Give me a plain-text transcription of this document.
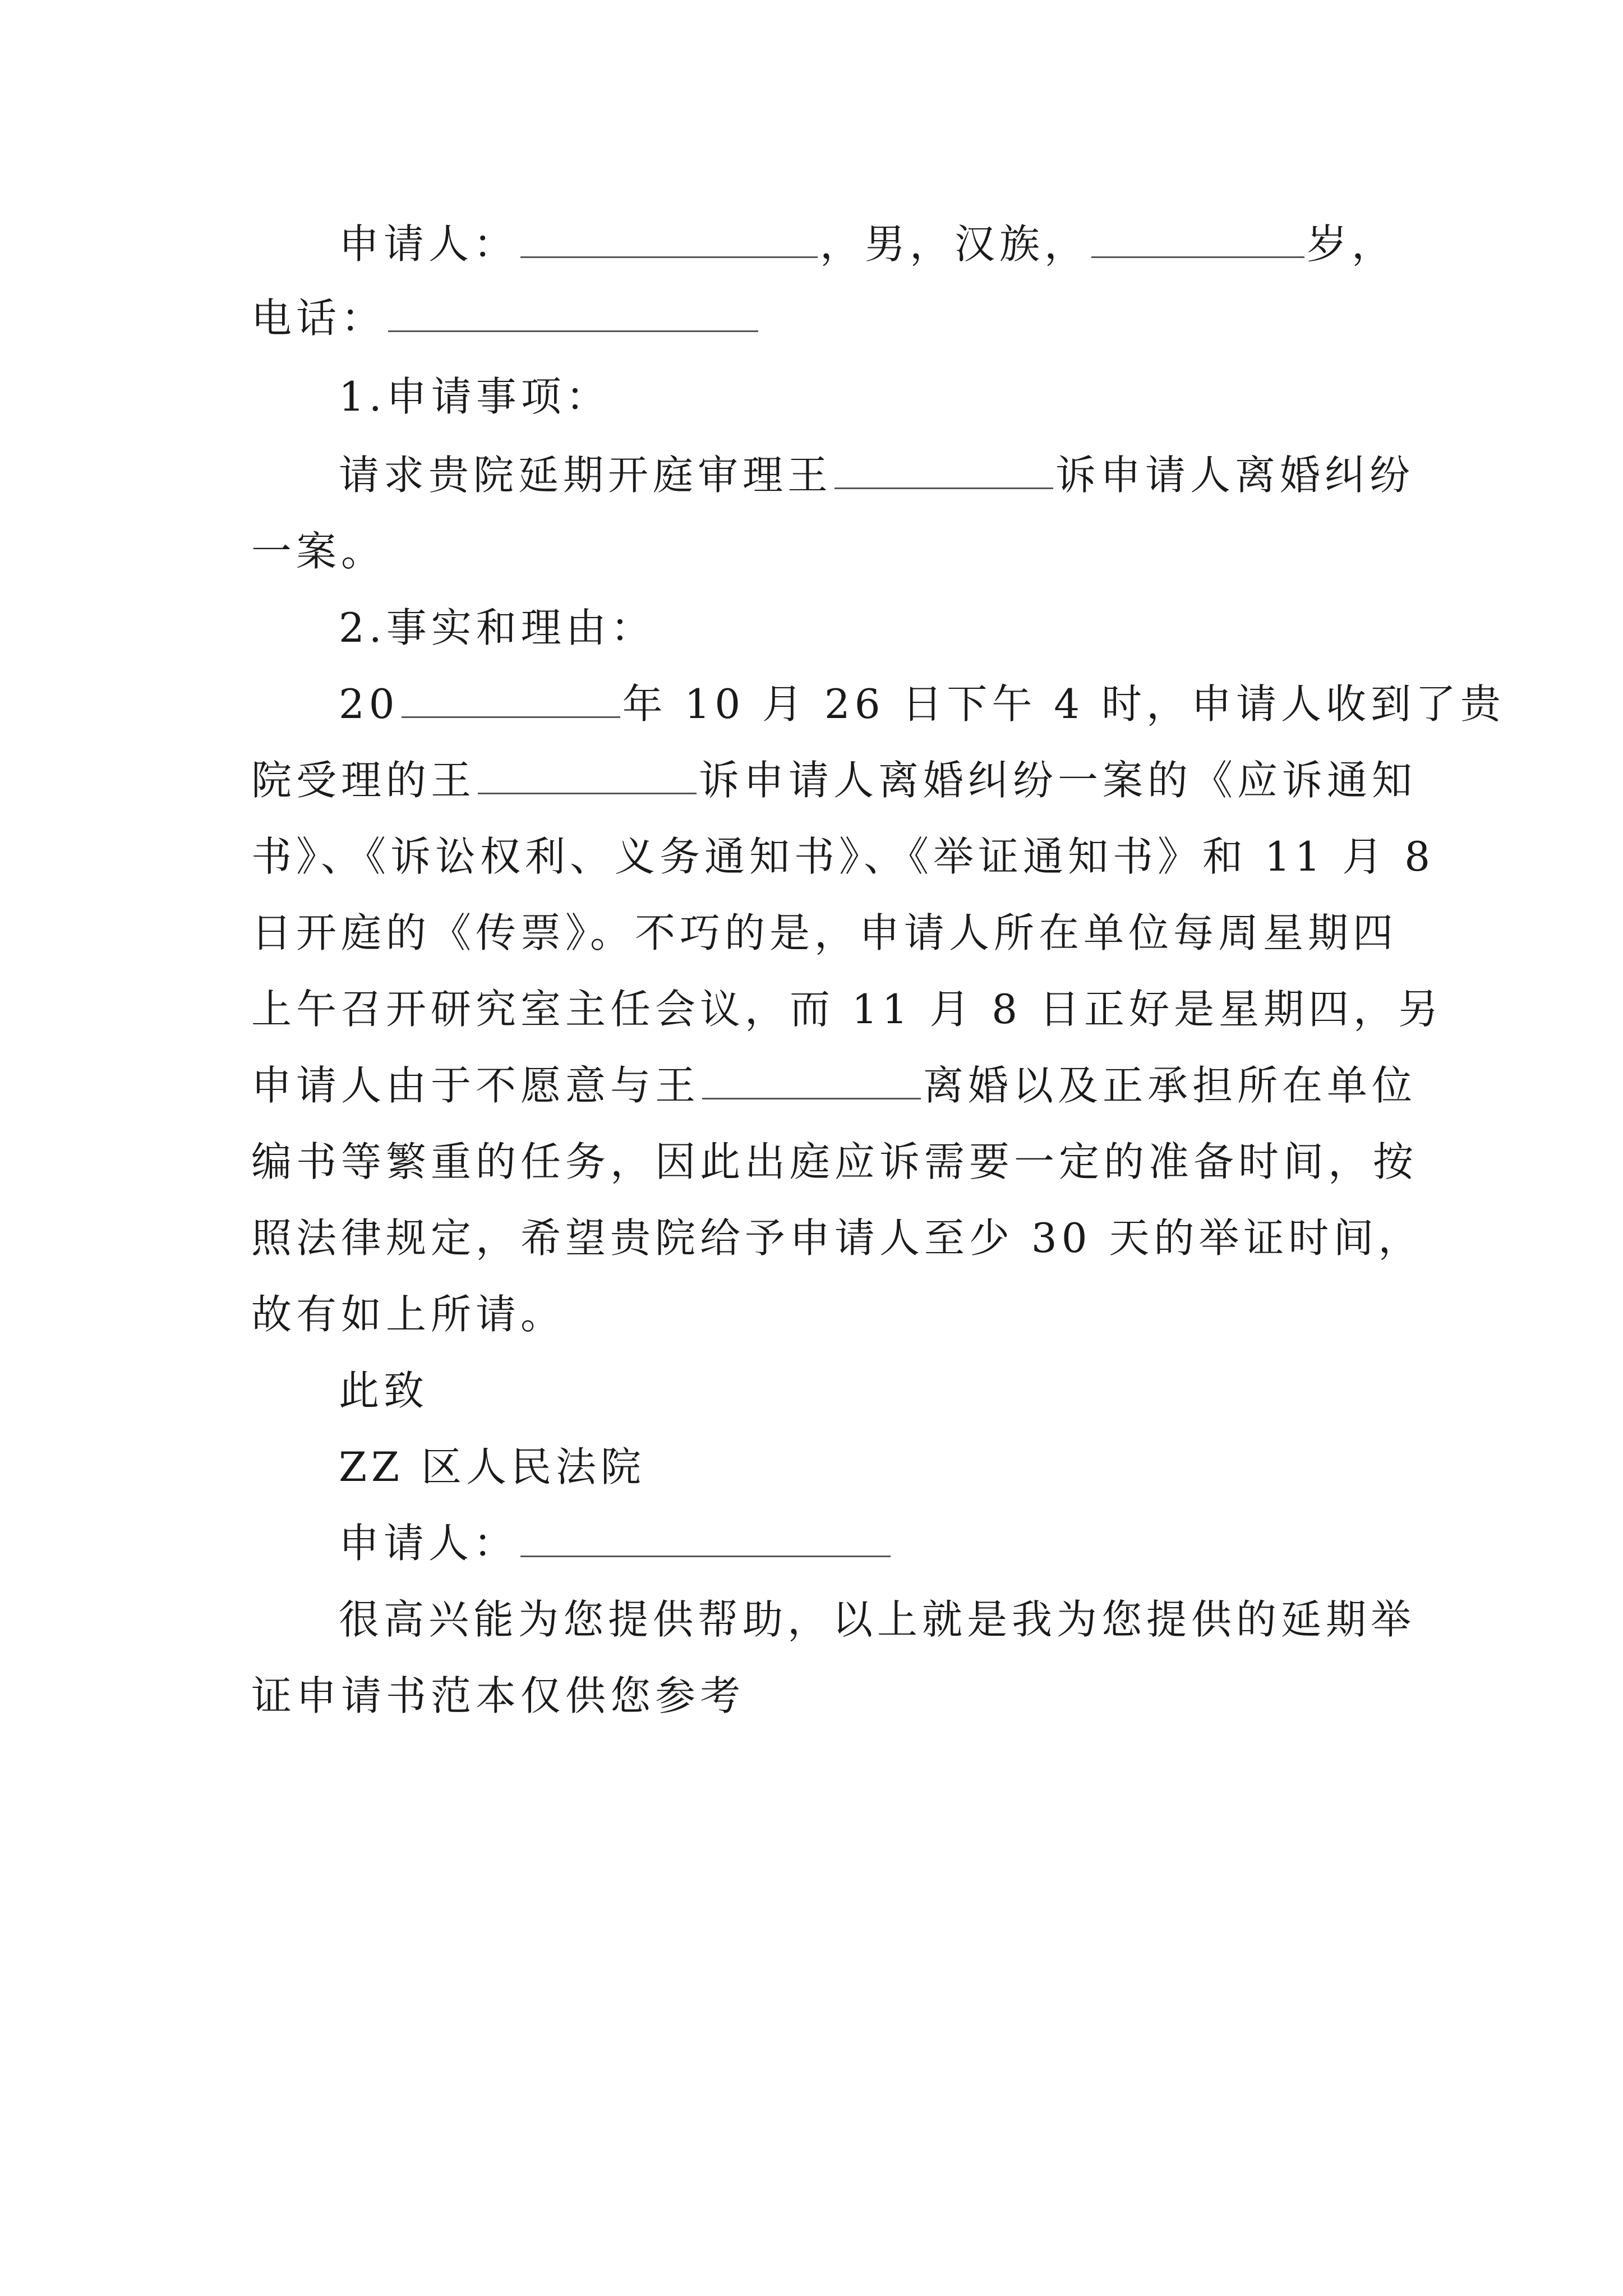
申请人：	，男，汉族，	岁，
电话：
1.申请事项：
请求贵院延期开庭审理王	诉申请人离婚纠纷
一案。
2.事实和理由：
20	年 10 月 26 日下午 4 时，申请人收到了贵
院受理的王	诉申请人离婚纠纷一案的《应诉通知
书》、《诉讼权利、义务通知书》、《举证通知书》和 11 月 8
日开庭的《传票》。不巧的是，申请人所在单位每周星期四
上午召开研究室主任会议，而 11 月 8 日正好是星期四，另
申请人由于不愿意与王	离婚以及正承担所在单位
编书等繁重的任务，因此出庭应诉需要一定的准备时间，按
照法律规定，希望贵院给予申请人至少 30 天的举证时间，
故有如上所请。
此致
ZZ 区人民法院
申请人：
很高兴能为您提供帮助，以上就是我为您提供的延期举
证申请书范本仅供您参考
